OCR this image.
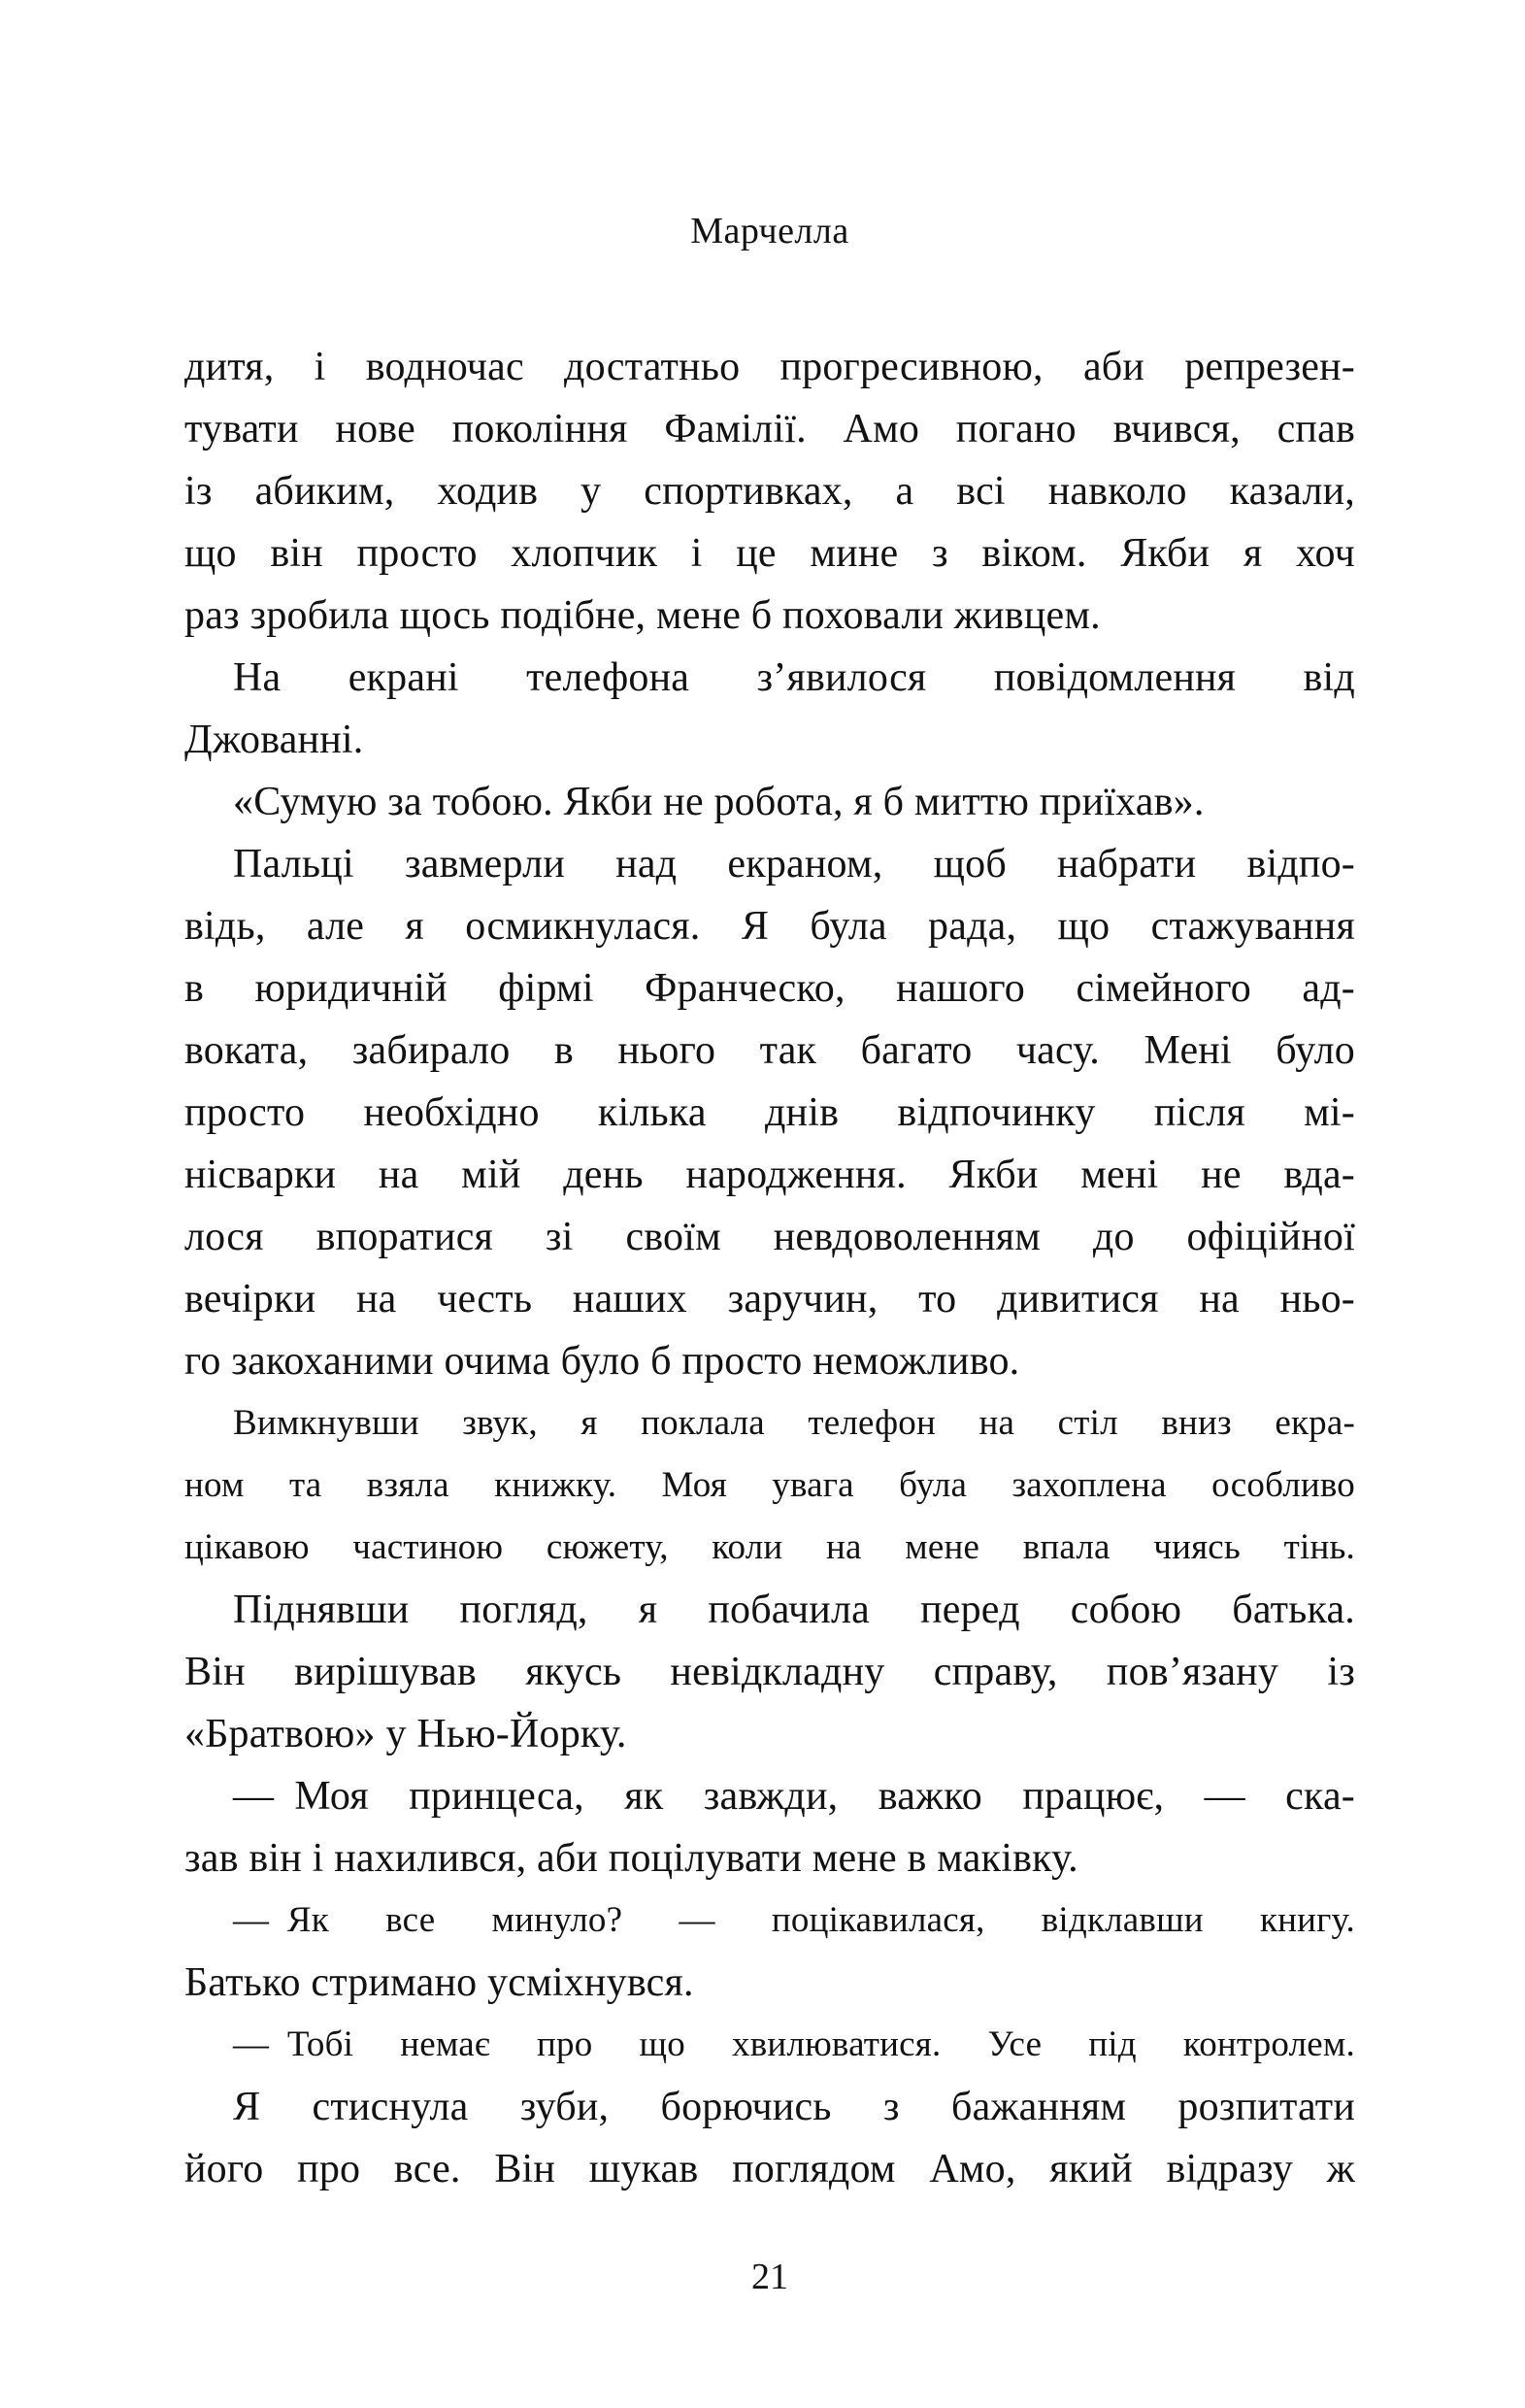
Марчелла
дитя, і водночас достатньо прогресивною, аби репрезен-
тувати нове покоління Фамілії. Амо погано вчився, спав
із абиким, ходив у спортивках, а всі навколо казали,
що він просто хлопчик і це мине з віком. Якби я хоч
раз зробила щось подібне, мене б поховали живцем.
На екрані телефона з’явилося повідомлення від
Джованні.
«Сумую за тобою. Якби не робота, я б миттю приїхав».
Пальці завмерли над екраном, щоб набрати відпо-
відь, але я осмикнулася. Я була рада, що стажування
в юридичній фірмі Франческо, нашого сімейного ад-
воката, забирало в нього так багато часу. Мені було
просто необхідно кілька днів відпочинку після мі-
нісварки на мій день народження. Якби мені не вда-
лося впоратися зі своїм невдоволенням до офіційної
вечірки на честь наших заручин, то дивитися на ньо-
го закоханими очима було б просто неможливо.
Вимкнувши звук, я поклала телефон на стіл вниз екра-
ном та взяла книжку. Моя увага була захоплена особливо
цікавою частиною сюжету, коли на мене впала чиясь тінь.
Піднявши погляд, я побачила перед собою батька.
Він вирішував якусь невідкладну справу, пов’язану із
«Братвою» у Нью-Йорку.
— Моя принцеса, як завжди, важко працює, — ска-
зав він і нахилився, аби поцілувати мене в маківку.
— Як все минуло? — поцікавилася, відклавши книгу.
Батько стримано усміхнувся.
— Тобі немає про що хвилюватися. Усе під контролем.
Я стиснула зуби, борючись з бажанням розпитати
його про все. Він шукав поглядом Амо, який відразу ж
21
